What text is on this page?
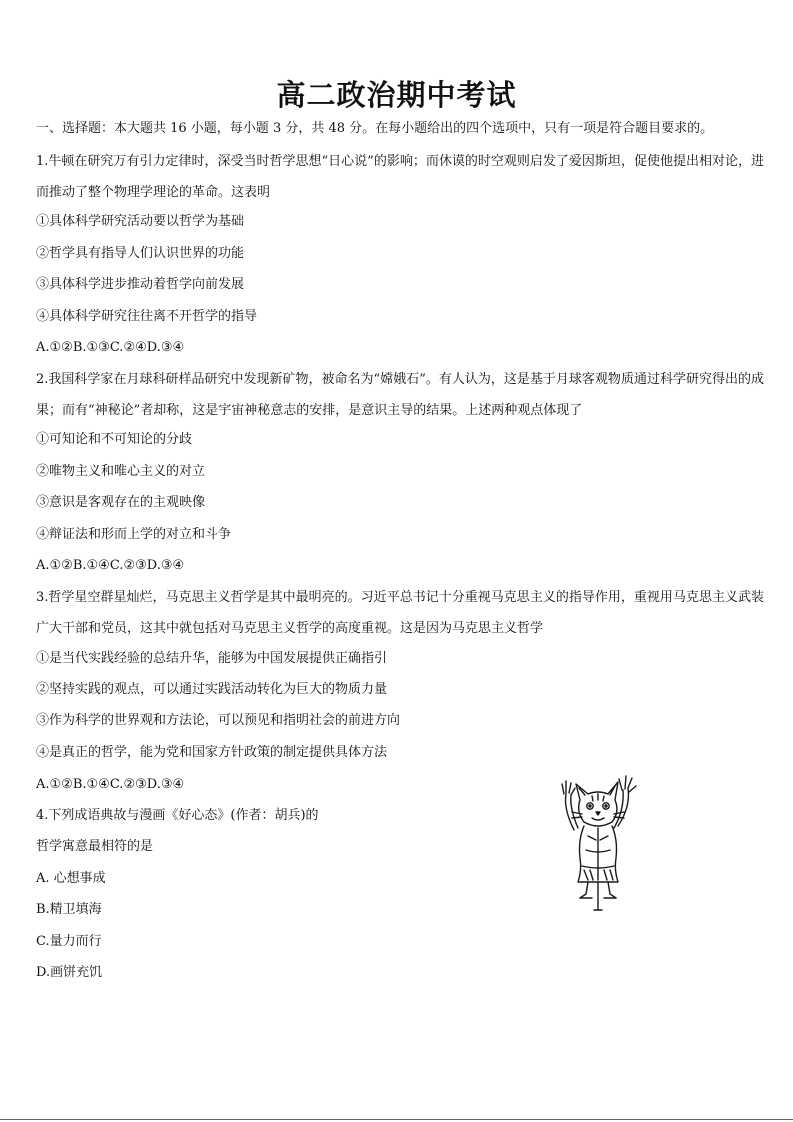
高二政治期中考试
一、选择题：本大题共 16 小题，每小题 3 分，共 48 分。在每小题给出的四个选项中，只有一项是符合题目要求的。
1.牛顿在研究万有引力定律时，深受当时哲学思想“日心说”的影响；而休谟的时空观则启发了爱因斯坦，促使他提出相对论，进而推动了整个物理学理论的革命。这表明
①具体科学研究活动要以哲学为基础
②哲学具有指导人们认识世界的功能
③具体科学进步推动着哲学向前发展
④具体科学研究往往离不开哲学的指导
A.①②B.①③C.②④D.③④
2.我国科学家在月球科研样品研究中发现新矿物，被命名为“嫦娥石”。有人认为，这是基于月球客观物质通过科学研究得出的成果；而有“神秘论”者却称，这是宇宙神秘意志的安排，是意识主导的结果。上述两种观点体现了
①可知论和不可知论的分歧
②唯物主义和唯心主义的对立
③意识是客观存在的主观映像
④辩证法和形而上学的对立和斗争
A.①②B.①④C.②③D.③④
3.哲学星空群星灿烂，马克思主义哲学是其中最明亮的。习近平总书记十分重视马克思主义的指导作用，重视用马克思主义武装广大干部和党员，这其中就包括对马克思主义哲学的高度重视。这是因为马克思主义哲学
①是当代实践经验的总结升华，能够为中国发展提供正确指引
②坚持实践的观点，可以通过实践活动转化为巨大的物质力量
③作为科学的世界观和方法论，可以预见和指明社会的前进方向
④是真正的哲学，能为党和国家方针政策的制定提供具体方法
A.①②B.①④C.②③D.③④
4.下列成语典故与漫画《好心态》(作者：胡兵)的
哲学寓意最相符的是
A. 心想事成
B.精卫填海
C.量力而行
D.画饼充饥
